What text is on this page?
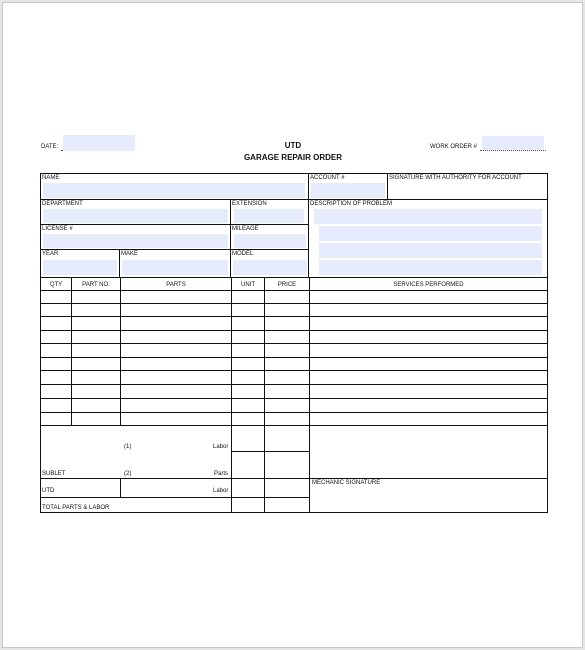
DATE:	UTD
GARAGE REPAIR ORDER
WORK ORDER #
NAME	ACCOUNT #	SIGNATURE WITH AUTHORITY FOR ACCOUNT
DEPARTMENT	EXTENSION	DESCRIPTION OF PROBLEM
LICENSE #	MILEAGE
YEAR	MAKE	MODEL
QTY	PART NO.	PARTS	UNIT	PRICE	SERVICES PERFORMED
(1)	Labor
SUBLET	(2)	Parts
MECHANIC SIGNATURE
UTD	Labor
TOTAL PARTS & LABOR
